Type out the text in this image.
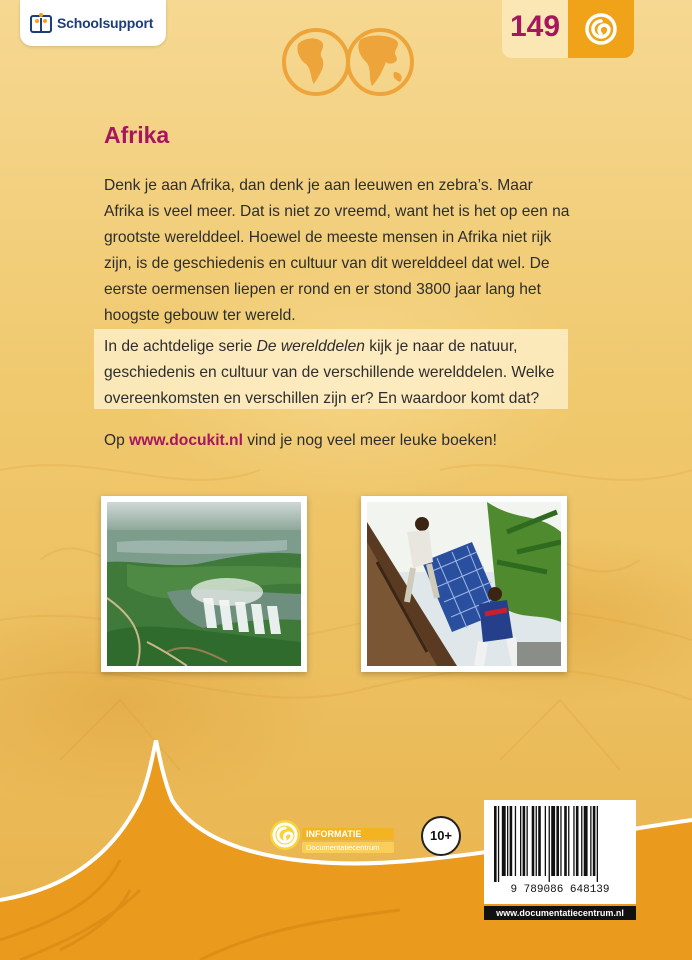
Schoolsupport	149
Afrika
Denk je aan Afrika, dan denk je aan leeuwen en zebra’s. Maar Afrika is veel meer. Dat is niet zo vreemd, want het is het op een na grootste werelddeel. Hoewel de meeste mensen in Afrika niet rijk zijn, is de geschiedenis en cultuur van dit werelddeel dat wel. De eerste oermensen liepen er rond en er stond 3800 jaar lang het hoogste gebouw ter wereld.
In de achtdelige serie De werelddelen kijk je naar de natuur, geschiedenis en cultuur van de verschillende werelddelen. Welke overeenkomsten en verschillen zijn er? En waardoor komt dat?
Op www.docukit.nl vind je nog veel meer leuke boeken!
INFORMATIE
Documentatiecentrum
10+
9 789086 648139
www.documentatiecentrum.nl
